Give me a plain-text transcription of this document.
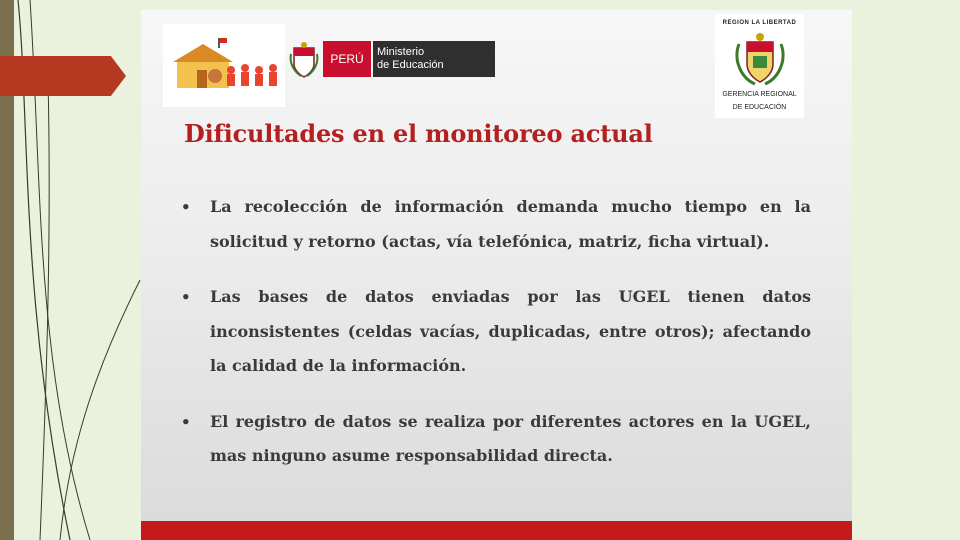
PERÚ	Ministerio
de Educación
REGION LA LIBERTAD
GERENCIA REGIONAL
DE EDUCACIÓN
Dificultades en el monitoreo actual
• La recolección de información demanda mucho tiempo en la solicitud y retorno (actas, vía telefónica, matriz, ficha virtual).
• Las bases de datos enviadas por las UGEL tienen datos inconsistentes (celdas vacías, duplicadas, entre otros); afectando la calidad de la información.
• El registro de datos se realiza por diferentes actores en la UGEL, mas ninguno asume responsabilidad directa.
